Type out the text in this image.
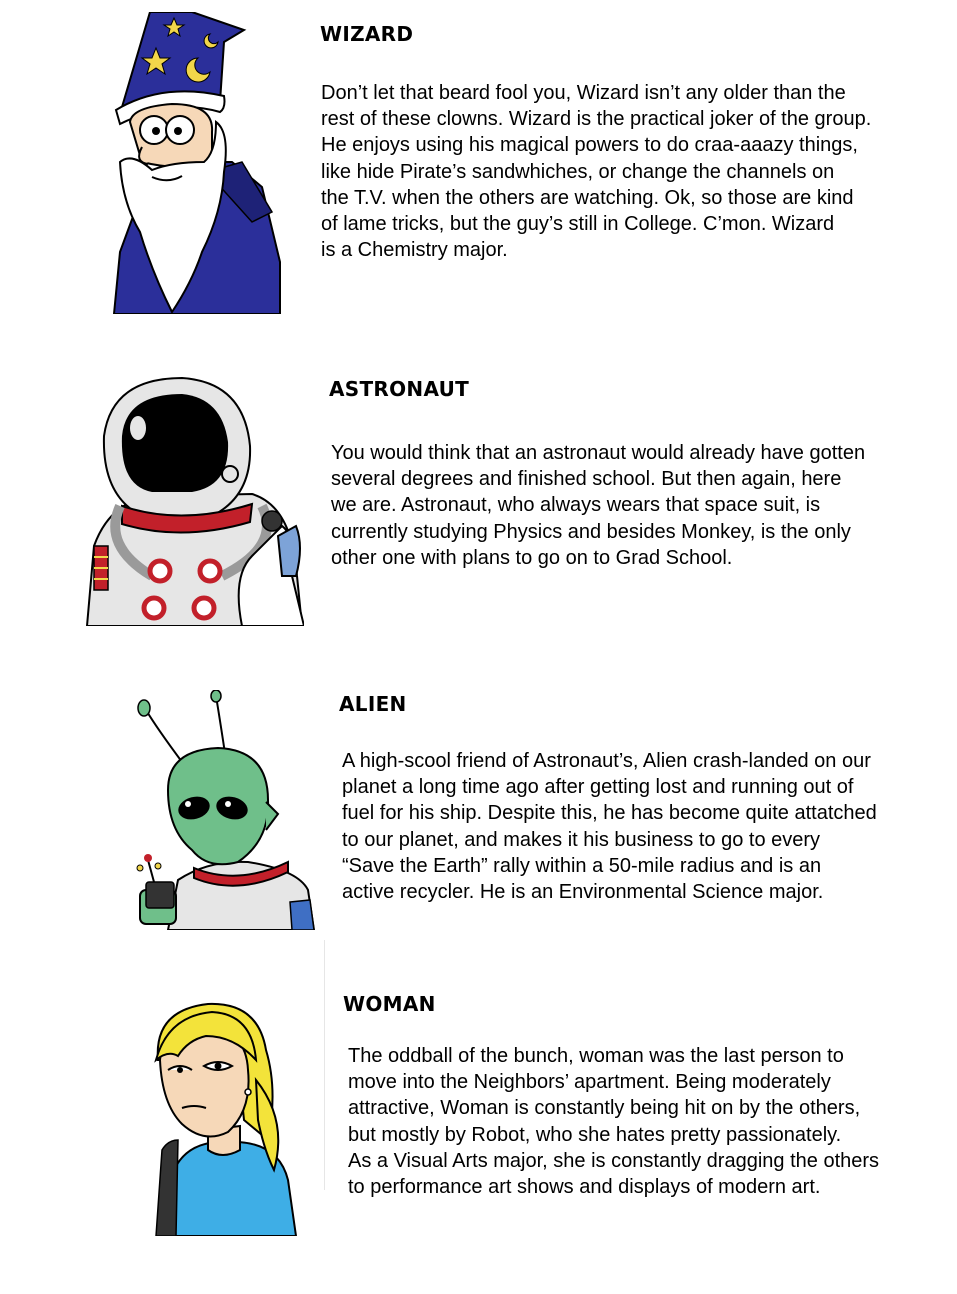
WIZARD
Don’t let that beard fool you, Wizard isn’t any older than the
rest of these clowns. Wizard is the practical joker of the group.
He enjoys using his magical powers to do craa-aaazy things,
like hide Pirate’s sandwhiches, or change the channels on
the T.V. when the others are watching. Ok, so those are kind
of lame tricks, but the guy’s still in College. C’mon. Wizard
is a Chemistry major.
ASTRONAUT
You would think that an astronaut would already have gotten
several degrees and finished school. But then again, here
we are. Astronaut, who always wears that space suit, is
currently studying Physics and besides Monkey, is the only
other one with plans to go on to Grad School.
ALIEN
A high-scool friend of Astronaut’s, Alien crash-landed on our
planet a long time ago after getting lost and running out of
fuel for his ship. Despite this, he has become quite attatched
to our planet, and makes it his business to go to every
“Save the Earth” rally within a 50-mile radius and is an
active recycler. He is an Environmental Science major.
WOMAN
The oddball of the bunch, woman was the last person to
move into the Neighbors’ apartment. Being moderately
attractive, Woman is constantly being hit on by the others,
but mostly by Robot, who she hates pretty passionately.
As a Visual Arts major, she is constantly dragging the others
to performance art shows and displays of modern art.
